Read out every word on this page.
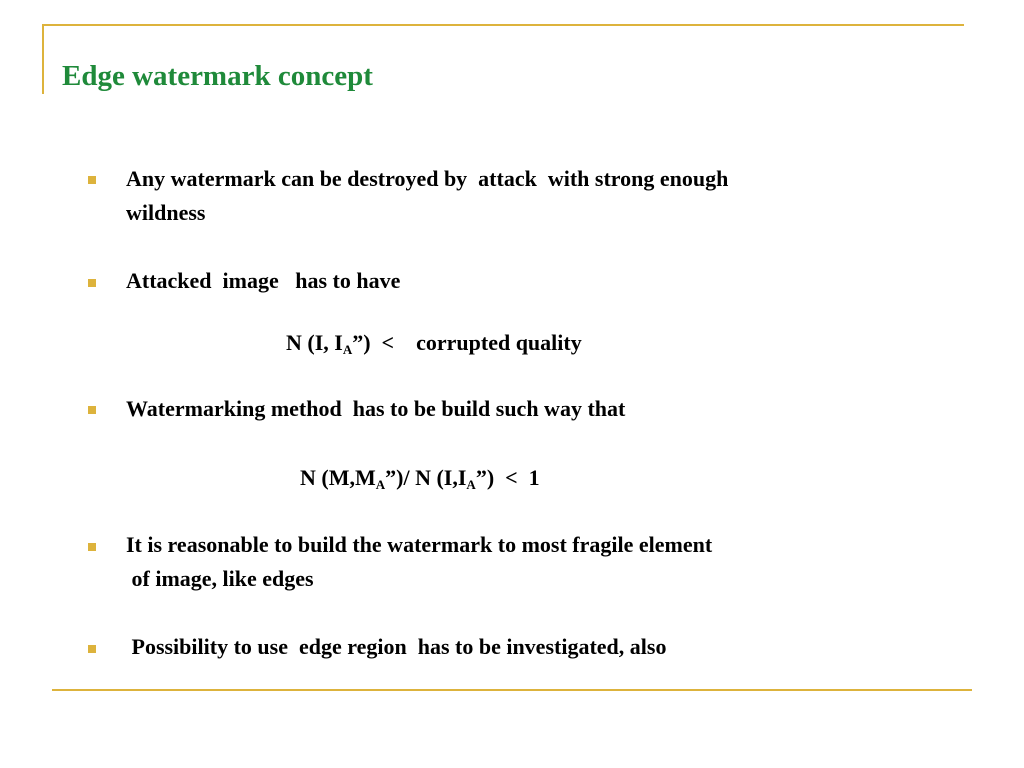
Edge watermark concept
Any watermark can be destroyed by  attack  with strong enough
wildness
Attacked  image   has to have
N (I, $I_A$”)  <    corrupted quality
Watermarking method  has to be build such way that
N $(M,M_A”)/$ N $(I,I_A”) < 1$
It is reasonable to build the watermark to most fragile element
of image, like edges
Possibility to use  edge region  has to be investigated, also
